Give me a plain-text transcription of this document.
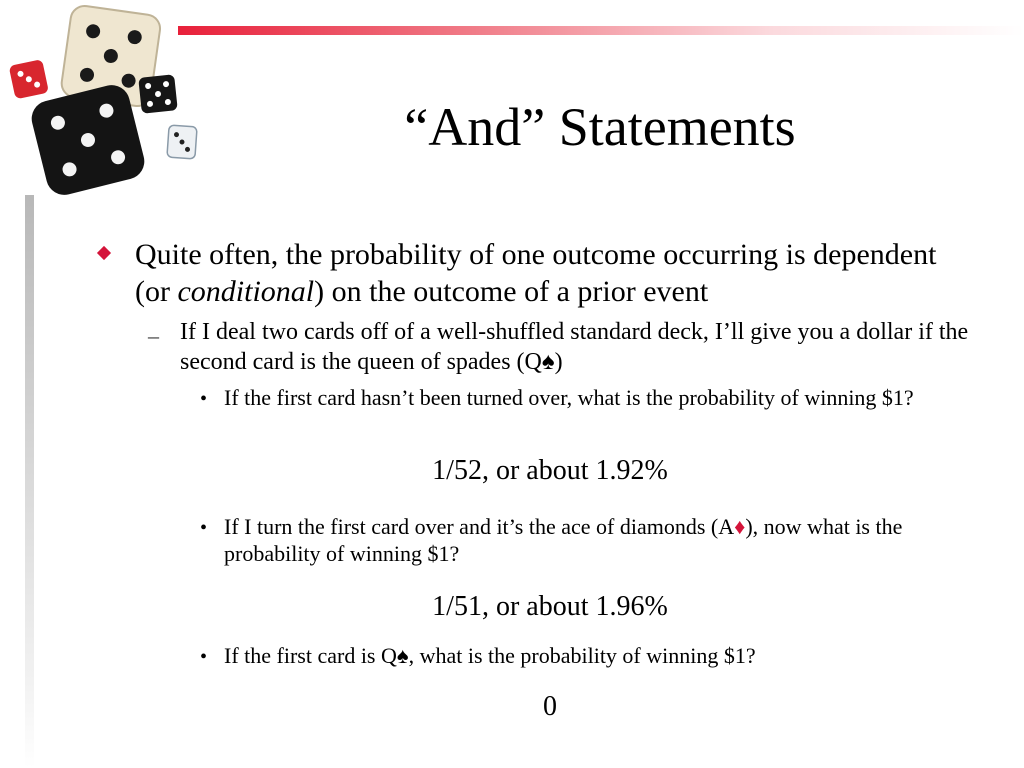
“And” Statements

Quite often, the probability of one outcome occurring is dependent (or conditional) on the outcome of a prior event

– If I deal two cards off of a well-shuffled standard deck, I’ll give you a dollar if the second card is the queen of spades (Q♠)

• If the first card hasn’t been turned over, what is the probability of winning $1?

1/52, or about 1.92%
• If I turn the first card over and it’s the ace of diamonds (A♦), now what is the probability of winning $1?

1/51, or about 1.96%
• If the first card is Q♠, what is the probability of winning $1?

0
